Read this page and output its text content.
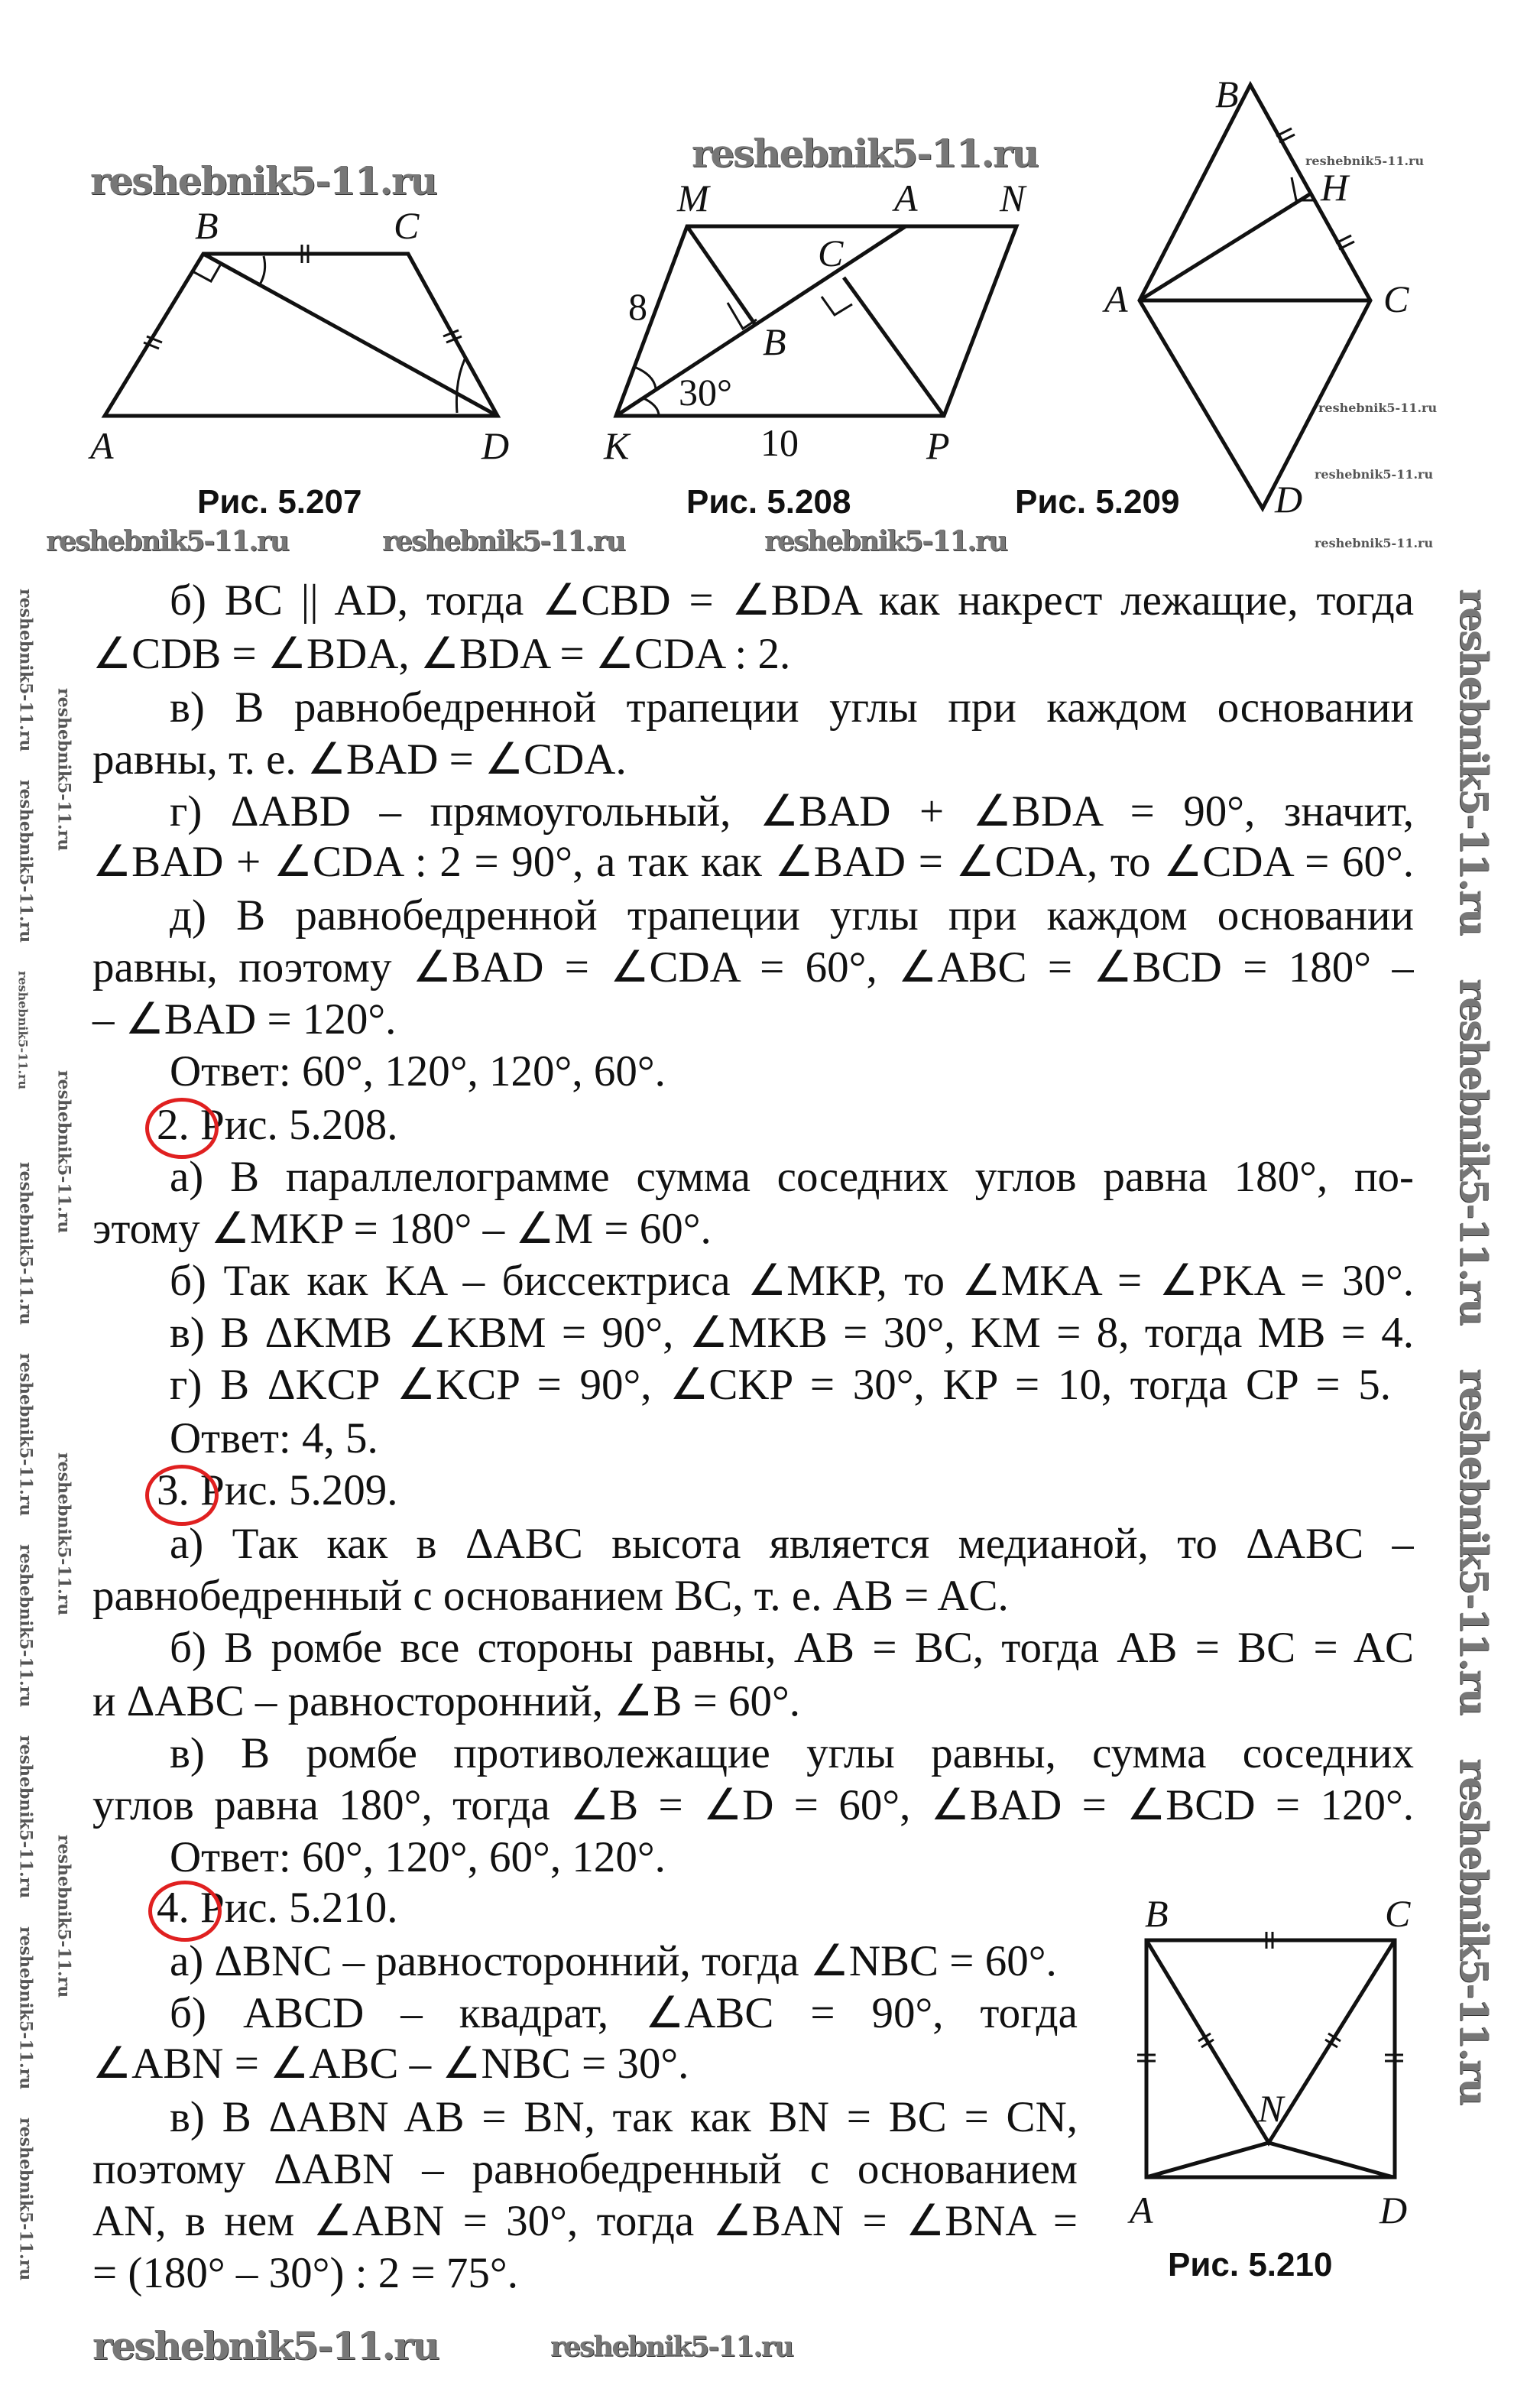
A
B	C
D
M	A N
C
B
K	P
8
10
30°
B
H
A	C
D
B	C
N
A	D
Рис. 5.207	Рис. 5.208	Рис. 5.209
Рис. 5.210
б) BC || AD, тогда ∠CBD = ∠BDA как накрест лежащие, тогда
∠CDB = ∠BDA, ∠BDA = ∠CDA : 2.
в) В равнобедренной трапеции углы при каждом основании
равны, т. е. ∠BAD = ∠CDA.
г) ΔABD – прямоугольный, ∠BAD + ∠BDA = 90°, значит,
∠BAD + ∠CDA : 2 = 90°, а так как ∠BAD = ∠CDA, то ∠CDA = 60°.
д) В равнобедренной трапеции углы при каждом основании
равны, поэтому ∠BAD = ∠CDA = 60°, ∠ABC = ∠BCD = 180° –
– ∠BAD = 120°.
Ответ: 60°, 120°, 120°, 60°.
2. Рис. 5.208.
а) В параллелограмме сумма соседних углов равна 180°, по-
этому ∠MKP = 180° – ∠M = 60°.
б) Так как KA – биссектриса ∠MKP, то ∠MKA = ∠PKA = 30°.
в) В ΔKMB ∠KBM = 90°, ∠MKB = 30°, KM = 8, тогда MB = 4.
г) В ΔKCP ∠KCP = 90°, ∠CKP = 30°, KP = 10, тогда CP = 5.
Ответ: 4, 5.
3. Рис. 5.209.
а) Так как в ΔABC высота является медианой, то ΔABC –
равнобедренный с основанием BC, т. е. AB = AC.
б) В ромбе все стороны равны, AB = BC, тогда AB = BC = AC
и ΔABC – равносторонний, ∠B = 60°.
в) В ромбе противолежащие углы равны, сумма соседних
углов равна 180°, тогда ∠B = ∠D = 60°, ∠BAD = ∠BCD = 120°.
Ответ: 60°, 120°, 60°, 120°.
4. Рис. 5.210.
а) ΔBNC – равносторонний, тогда ∠NBC = 60°.
б) ABCD – квадрат, ∠ABC = 90°, тогда
∠ABN = ∠ABC – ∠NBC = 30°.
в) В ΔABN AB = BN, так как BN = BC = CN,
поэтому ΔABN – равнобедренный с основанием
AN, в нем ∠ABN = 30°, тогда ∠BAN = ∠BNA =
= (180° – 30°) : 2 = 75°.
reshebnik5-11.ru
reshebnik5-11.ru
reshebnik5-11.ru	reshebnik5-11.ru
reshebnik5-11.ru
reshebnik5-11.ru
reshebnik5-11.ru
reshebnik5-11.ru
reshebnik5-11.ru
reshebnik5-11.ru
reshebnik5-11.ru
reshebnik5-11.ru
reshebnik5-11.ru
reshebnik5-11.ru	reshebnik5-11.ru
reshebnik5-11.ru
reshebnik5-11.ru
reshebnik5-11.ru
reshebnik5-11.ru
reshebnik5-11.ru
reshebnik5-11.ru
reshebnik5-11.ru
reshebnik5-11.ru
reshebnik5-11.ru
reshebnik5-11.ru
reshebnik5-11.ru
reshebnik5-11.ru
reshebnik5-11.ru
